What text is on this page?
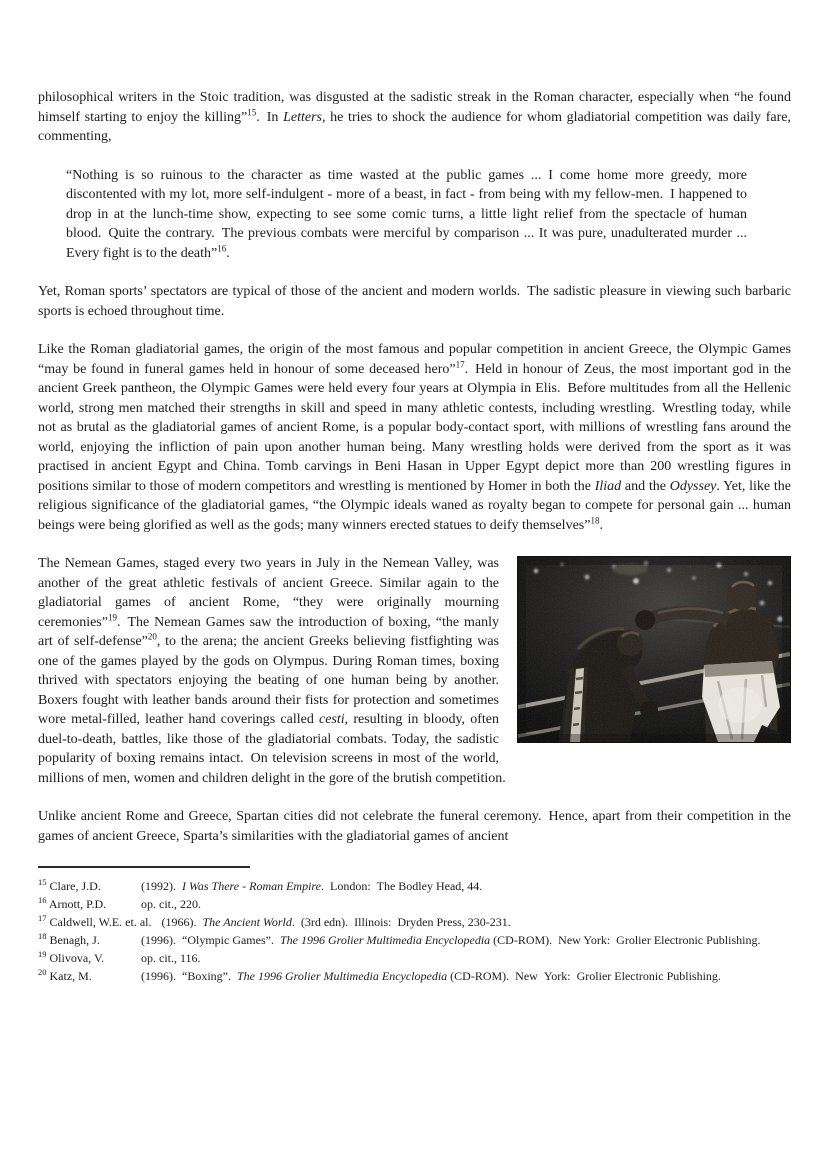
philosophical writers in the Stoic tradition, was disgusted at the sadistic streak in the Roman character, especially when “he found himself starting to enjoy the killing”$^{15}$. In Letters, he tries to shock the audience for whom gladiatorial competition was daily fare, commenting,

“Nothing is so ruinous to the character as time wasted at the public games ... I come home more greedy, more discontented with my lot, more self-indulgent - more of a beast, in fact - from being with my fellow-men. I happened to drop in at the lunch-time show, expecting to see some comic turns, a little light relief from the spectacle of human blood. Quite the contrary. The previous combats were merciful by comparison ... It was pure, unadulterated murder ... Every fight is to the death”$^{16}$.

Yet, Roman sports’ spectators are typical of those of the ancient and modern worlds. The sadistic pleasure in viewing such barbaric sports is echoed throughout time.

Like the Roman gladiatorial games, the origin of the most famous and popular competition in ancient Greece, the Olympic Games “may be found in funeral games held in honour of some deceased hero”$^{17}$. Held in honour of Zeus, the most important god in the ancient Greek pantheon, the Olympic Games were held every four years at Olympia in Elis. Before multitudes from all the Hellenic world, strong men matched their strengths in skill and speed in many athletic contests, including wrestling. Wrestling today, while not as brutal as the gladiatorial games of ancient Rome, is a popular body-contact sport, with millions of wrestling fans around the world, enjoying the infliction of pain upon another human being. Many wrestling holds were derived from the sport as it was practised in ancient Egypt and China. Tomb carvings in Beni Hasan in Upper Egypt depict more than 200 wrestling figures in positions similar to those of modern competitors and wrestling is mentioned by Homer in both the Iliad and the Odyssey. Yet, like the religious significance of the gladiatorial games, “the Olympic ideals waned as royalty began to compete for personal gain ... human beings were being glorified as well as the gods; many winners erected statues to deify themselves”$^{18}$.

The Nemean Games, staged every two years in July in the Nemean Valley, was another of the great athletic festivals of ancient Greece. Similar again to the gladiatorial games of ancient Rome, “they were originally mourning ceremonies”$^{19}$. The Nemean Games saw the introduction of boxing, “the manly art of self-defense”$^{20}$, to the arena; the ancient Greeks believing fistfighting was one of the games played by the gods on Olympus. During Roman times, boxing thrived with spectators enjoying the beating of one human being by another. Boxers fought with leather bands around their fists for protection and sometimes wore metal-filled, leather hand coverings called cesti, resulting in bloody, often duel-to-death, battles, like those of the gladiatorial combats. Today, the sadistic popularity of boxing remains intact. On television screens in most of the world, millions of men, women and children delight in the gore of the brutish competition.

Unlike ancient Rome and Greece, Spartan cities did not celebrate the funeral ceremony. Hence, apart from their competition in the games of ancient Greece, Sparta’s similarities with the gladiatorial games of ancient

$^{15}$ Clare, J.D.	(1992). I Was There - Roman Empire. London: The Bodley Head, 44.
$^{16}$ Arnott, P.D.	op. cit., 220.
$^{17}$ Caldwell, W.E. et. al. (1966). The Ancient World. (3rd edn). Illinois: Dryden Press, 230-231.
$^{18}$ Benagh, J.	(1996). “Olympic Games”. The 1996 Grolier Multimedia Encyclopedia (CD-ROM). New York: Grolier Electronic Publishing.
$^{19}$ Olivova, V.	op. cit., 116.
$^{20}$ Katz, M.	(1996). “Boxing”. The 1996 Grolier Multimedia Encyclopedia (CD-ROM). New York: Grolier Electronic Publishing.
